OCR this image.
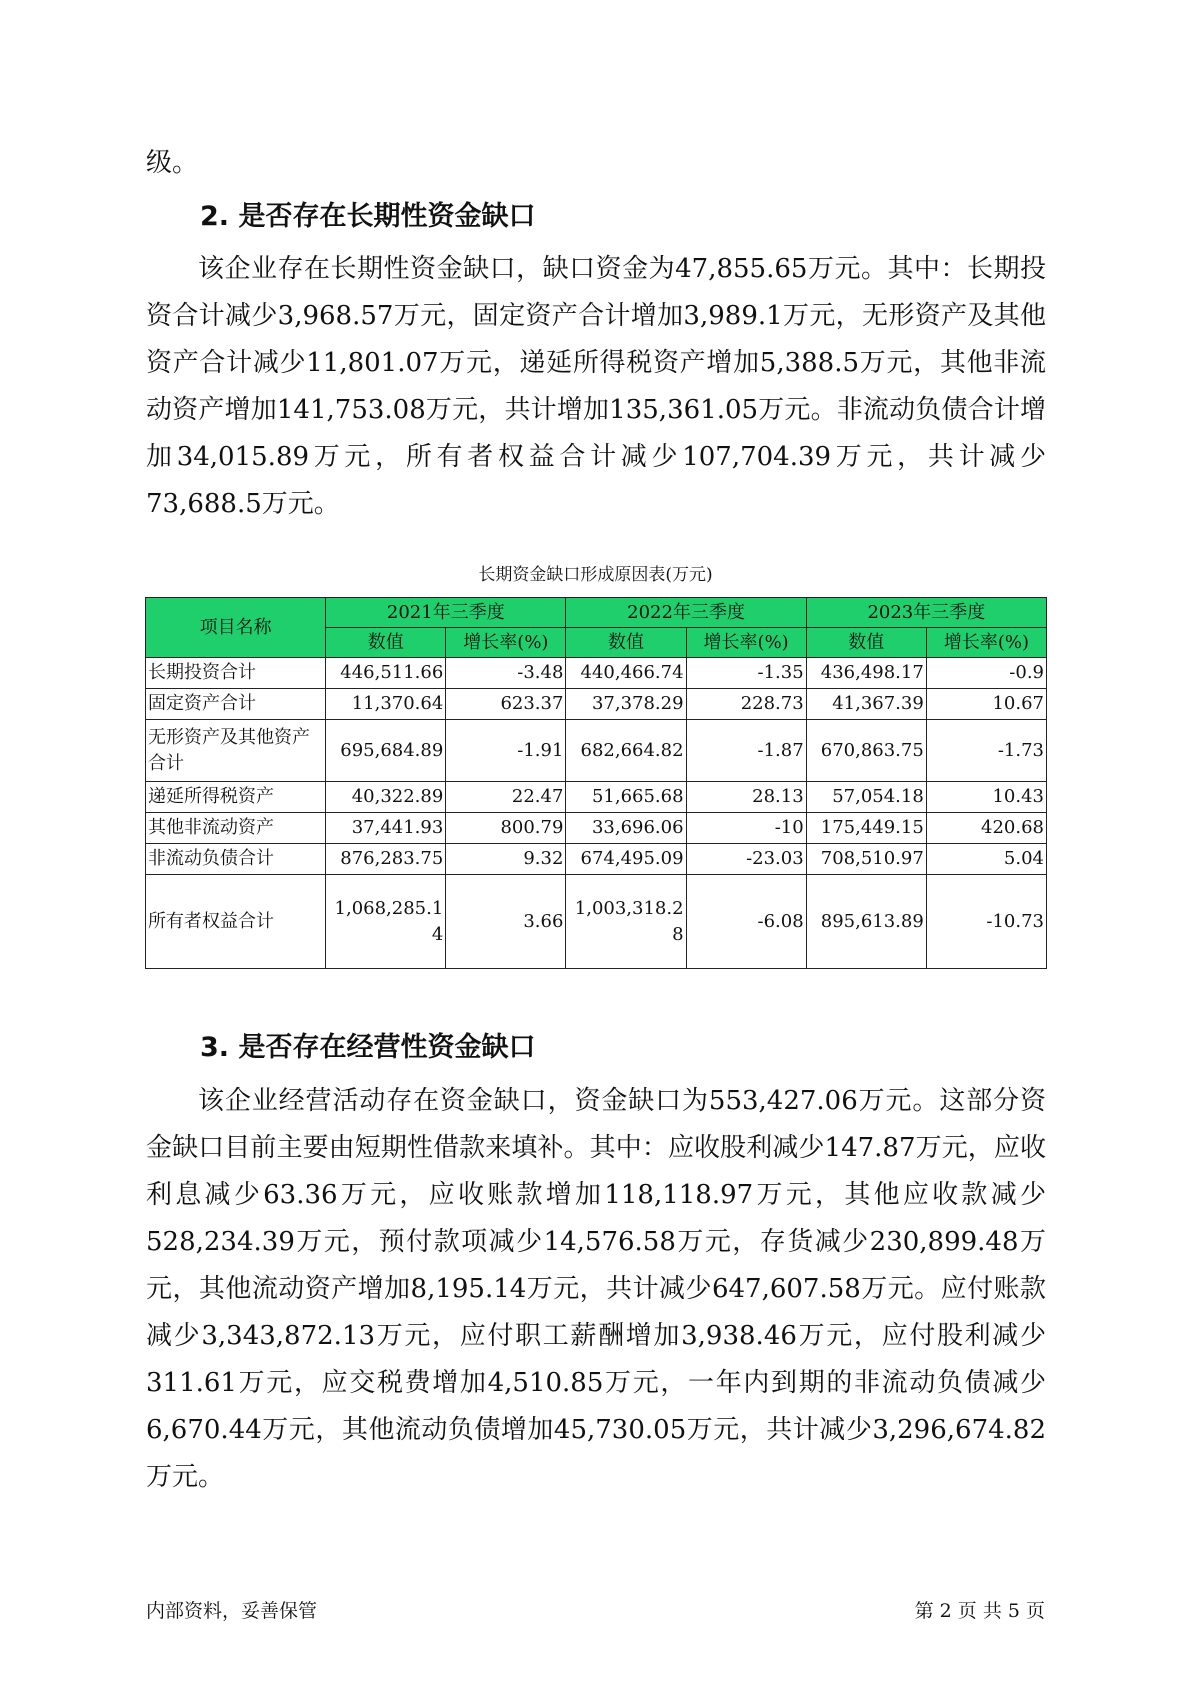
级。

2. 是否存在长期性资金缺口

该企业存在长期性资金缺口，缺口资金为47,855.65万元。其中：长期投资合计减少3,968.57万元，固定资产合计增加3,989.1万元，无形资产及其他资产合计减少11,801.07万元，递延所得税资产增加5,388.5万元，其他非流动资产增加141,753.08万元，共计增加135,361.05万元。非流动负债合计增加34,015.89万元，所有者权益合计减少107,704.39万元，共计减少73,688.5万元。

长期资金缺口形成原因表(万元)
项目名称	2021年三季度		2022年三季度		2023年三季度	
	数值	增长率(%)	数值	增长率(%)	数值	增长率(%)
长期投资合计	446,511.66	-3.48	440,466.74	-1.35	436,498.17	-0.9
固定资产合计	11,370.64	623.37	37,378.29	228.73	41,367.39	10.67
无形资产及其他资产合计	695,684.89	-1.91	682,664.82	-1.87	670,863.75	-1.73
递延所得税资产	40,322.89	22.47	51,665.68	28.13	57,054.18	10.43
其他非流动资产	37,441.93	800.79	33,696.06	-10	175,449.15	420.68
非流动负债合计	876,283.75	9.32	674,495.09	-23.03	708,510.97	5.04
所有者权益合计	1,068,285.14	3.66	1,003,318.28	-6.08	895,613.89	-10.73
3. 是否存在经营性资金缺口

该企业经营活动存在资金缺口，资金缺口为553,427.06万元。这部分资金缺口目前主要由短期性借款来填补。其中：应收股利减少147.87万元，应收利息减少63.36万元，应收账款增加118,118.97万元，其他应收款减少528,234.39万元，预付款项减少14,576.58万元，存货减少230,899.48万元，其他流动资产增加8,195.14万元，共计减少647,607.58万元。应付账款减少3,343,872.13万元，应付职工薪酬增加3,938.46万元，应付股利减少311.61万元，应交税费增加4,510.85万元，一年内到期的非流动负债减少6,670.44万元，其他流动负债增加45,730.05万元，共计减少3,296,674.82万元。

内部资料，妥善保管	第 2 页 共 5 页
